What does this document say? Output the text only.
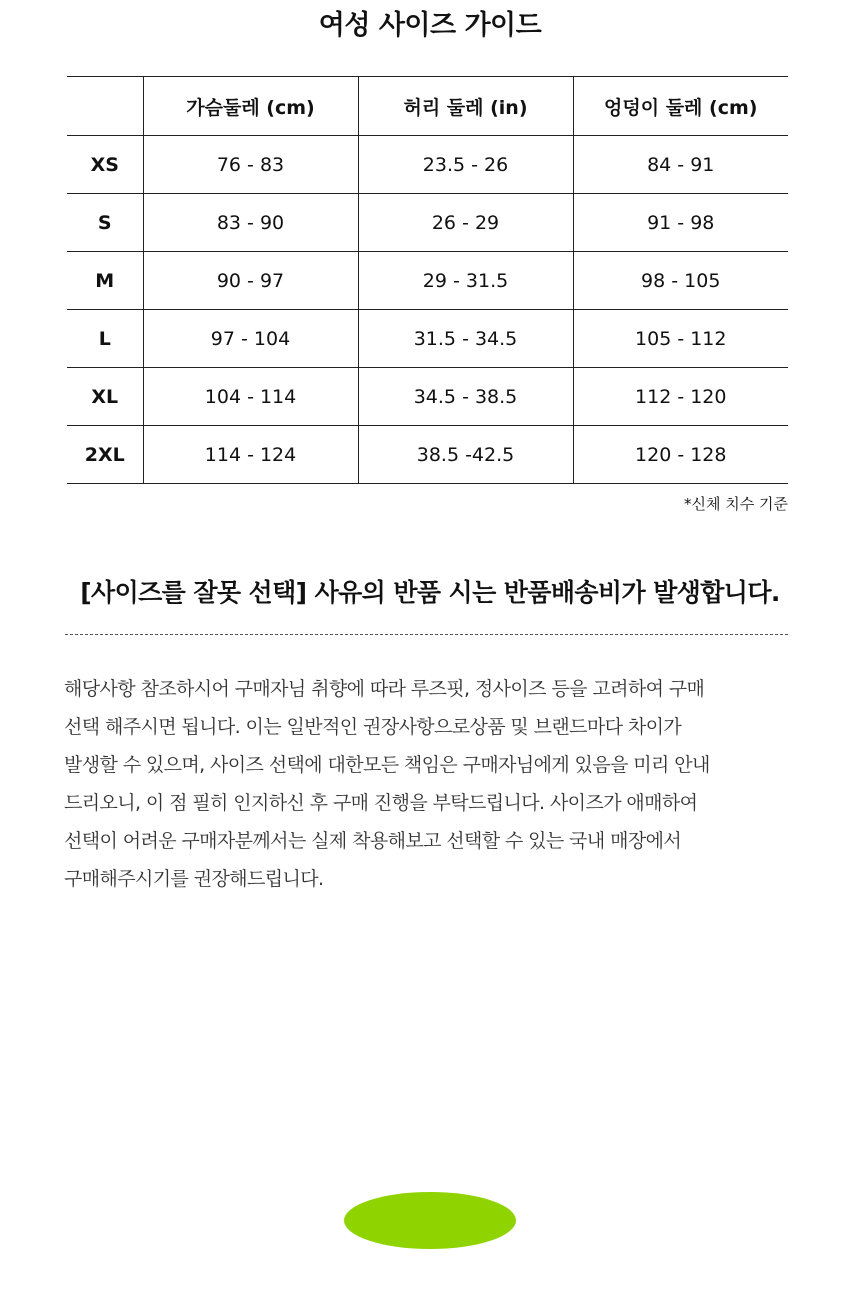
여성 사이즈 가이드
	가슴둘레 (cm)	허리 둘레 (in)	엉덩이 둘레 (cm)
XS	76 - 83	23.5 - 26	84 - 91
S	83 - 90	26 - 29	91 - 98
M	90 - 97	29 - 31.5	98 - 105
L	97 - 104	31.5 - 34.5	105 - 112
XL	104 - 114	34.5 - 38.5	112 - 120
2XL	114 - 124	38.5 -42.5	120 - 128
*신체 치수 기준
[사이즈를 잘못 선택] 사유의 반품 시는 반품배송비가 발생합니다.
해당사항 참조하시어 구매자님 취향에 따라 루즈핏, 정사이즈 등을 고려하여 구매
선택 해주시면 됩니다. 이는 일반적인 권장사항으로상품 및 브랜드마다 차이가
발생할 수 있으며, 사이즈 선택에 대한모든 책임은 구매자님에게 있음을 미리 안내
드리오니, 이 점 필히 인지하신 후 구매 진행을 부탁드립니다. 사이즈가 애매하여
선택이 어려운 구매자분께서는 실제 착용해보고 선택할 수 있는 국내 매장에서
구매해주시기를 권장해드립니다.
